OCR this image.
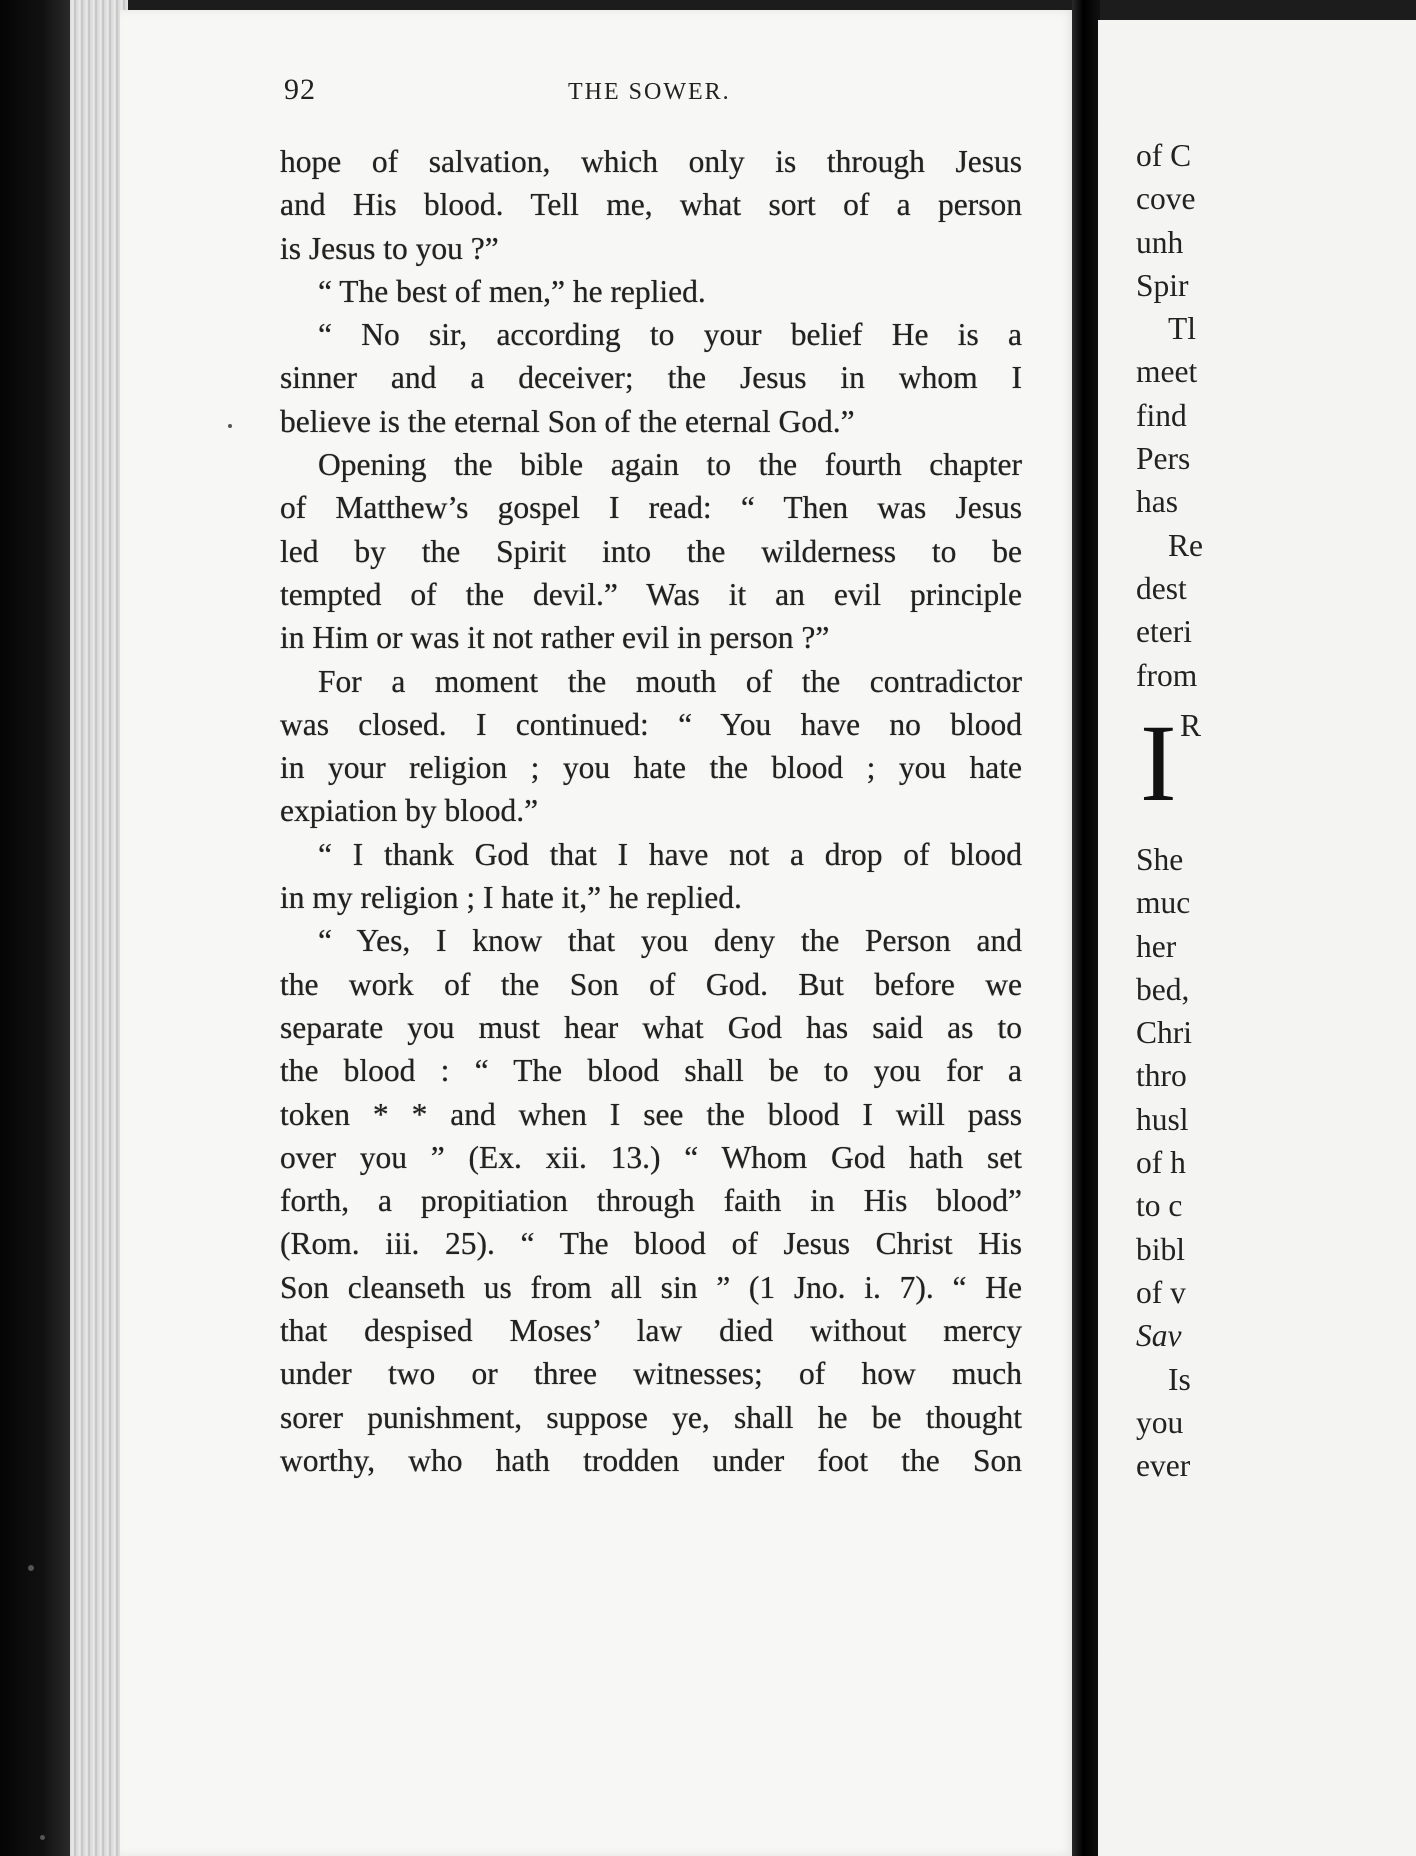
92	THE SOWER.
hope of salvation, which only is through Jesus
and His blood. Tell me, what sort of a person
is Jesus to you ?”
“ The best of men,” he replied.
“ No sir, according to your belief He is a
sinner and a deceiver; the Jesus in whom I
believe is the eternal Son of the eternal God.”
Opening the bible again to the fourth chapter
of Matthew’s gospel I read: “ Then was Jesus
led by the Spirit into the wilderness to be
tempted of the devil.” Was it an evil principle
in Him or was it not rather evil in person ?”
For a moment the mouth of the contradictor
was closed. I continued: “ You have no blood
in your religion ; you hate the blood ; you hate
expiation by blood.”
“ I thank God that I have not a drop of blood
in my religion ; I hate it,” he replied.
“ Yes, I know that you deny the Person and
the work of the Son of God. But before we
separate you must hear what God has said as to
the blood : “ The blood shall be to you for a
token * * and when I see the blood I will pass
over you ” (Ex. xii. 13.) “ Whom God hath set
forth, a propitiation through faith in His blood”
(Rom. iii. 25). “ The blood of Jesus Christ His
Son cleanseth us from all sin ” (1 Jno. i. 7). “ He
that despised Moses’ law died without mercy
under two or three witnesses; of how much
sorer punishment, suppose ye, shall he be thought
worthy, who hath trodden under foot the Son
of C
cove
unh
Spir
Tl
meet
find
Pers
has
Re
dest
eteri
from
I R
She
muc
her
bed,
Chri
thro
husl
of h
to c
bibl
of v
Sav
Is
you
ever
